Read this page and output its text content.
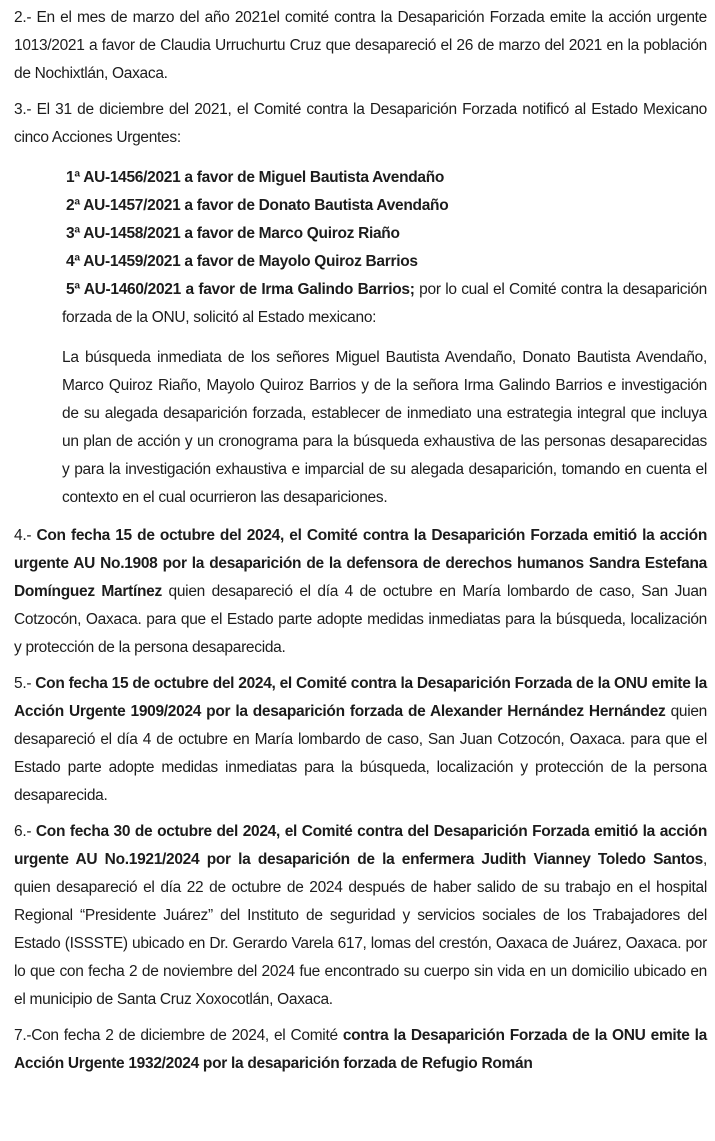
2.- En el mes de marzo del año 2021el comité contra la Desaparición Forzada emite la acción urgente 1013/2021 a favor de Claudia Urruchurtu Cruz que desapareció el 26 de marzo del 2021 en la población de Nochixtlán, Oaxaca.

3.- El 31 de diciembre del 2021, el Comité contra la Desaparición Forzada notificó al Estado Mexicano cinco Acciones Urgentes:

1ª AU-1456/2021 a favor de Miguel Bautista Avendaño

2ª AU-1457/2021 a favor de Donato Bautista Avendaño

3ª AU-1458/2021 a favor de Marco Quiroz Riaño

4ª AU-1459/2021 a favor de Mayolo Quiroz Barrios

5ª AU-1460/2021 a favor de Irma Galindo Barrios; por lo cual el Comité contra la desaparición forzada de la ONU, solicitó al Estado mexicano:

La búsqueda inmediata de los señores Miguel Bautista Avendaño, Donato Bautista Avendaño, Marco Quiroz Riaño, Mayolo Quiroz Barrios y de la señora Irma Galindo Barrios e investigación de su alegada desaparición forzada, establecer de inmediato una estrategia integral que incluya un plan de acción y un cronograma para la búsqueda exhaustiva de las personas desaparecidas y para la investigación exhaustiva e imparcial de su alegada desaparición, tomando en cuenta el contexto en el cual ocurrieron las desapariciones.

4.- Con fecha 15 de octubre del 2024, el Comité contra la Desaparición Forzada emitió la acción urgente AU No.1908 por la desaparición de la defensora de derechos humanos Sandra Estefana Domínguez Martínez quien desapareció el día 4 de octubre en María lombardo de caso, San Juan Cotzocón, Oaxaca. para que el Estado parte adopte medidas inmediatas para la búsqueda, localización y protección de la persona desaparecida.

5.- Con fecha 15 de octubre del 2024, el Comité contra la Desaparición Forzada de la ONU emite la Acción Urgente 1909/2024 por la desaparición forzada de Alexander Hernández Hernández quien desapareció el día 4 de octubre en María lombardo de caso, San Juan Cotzocón, Oaxaca. para que el Estado parte adopte medidas inmediatas para la búsqueda, localización y protección de la persona desaparecida.

6.- Con fecha 30 de octubre del 2024, el Comité contra del Desaparición Forzada emitió la acción urgente AU No.1921/2024 por la desaparición de la enfermera Judith Vianney Toledo Santos, quien desapareció el día 22 de octubre de 2024 después de haber salido de su trabajo en el hospital Regional “Presidente Juárez” del Instituto de seguridad y servicios sociales de los Trabajadores del Estado (ISSSTE) ubicado en Dr. Gerardo Varela 617, lomas del crestón, Oaxaca de Juárez, Oaxaca. por lo que con fecha 2 de noviembre del 2024 fue encontrado su cuerpo sin vida en un domicilio ubicado en el municipio de Santa Cruz Xoxocotlán, Oaxaca.

7.-Con fecha 2 de diciembre de 2024, el Comité contra la Desaparición Forzada de la ONU emite la Acción Urgente 1932/2024 por la desaparición forzada de Refugio Román
